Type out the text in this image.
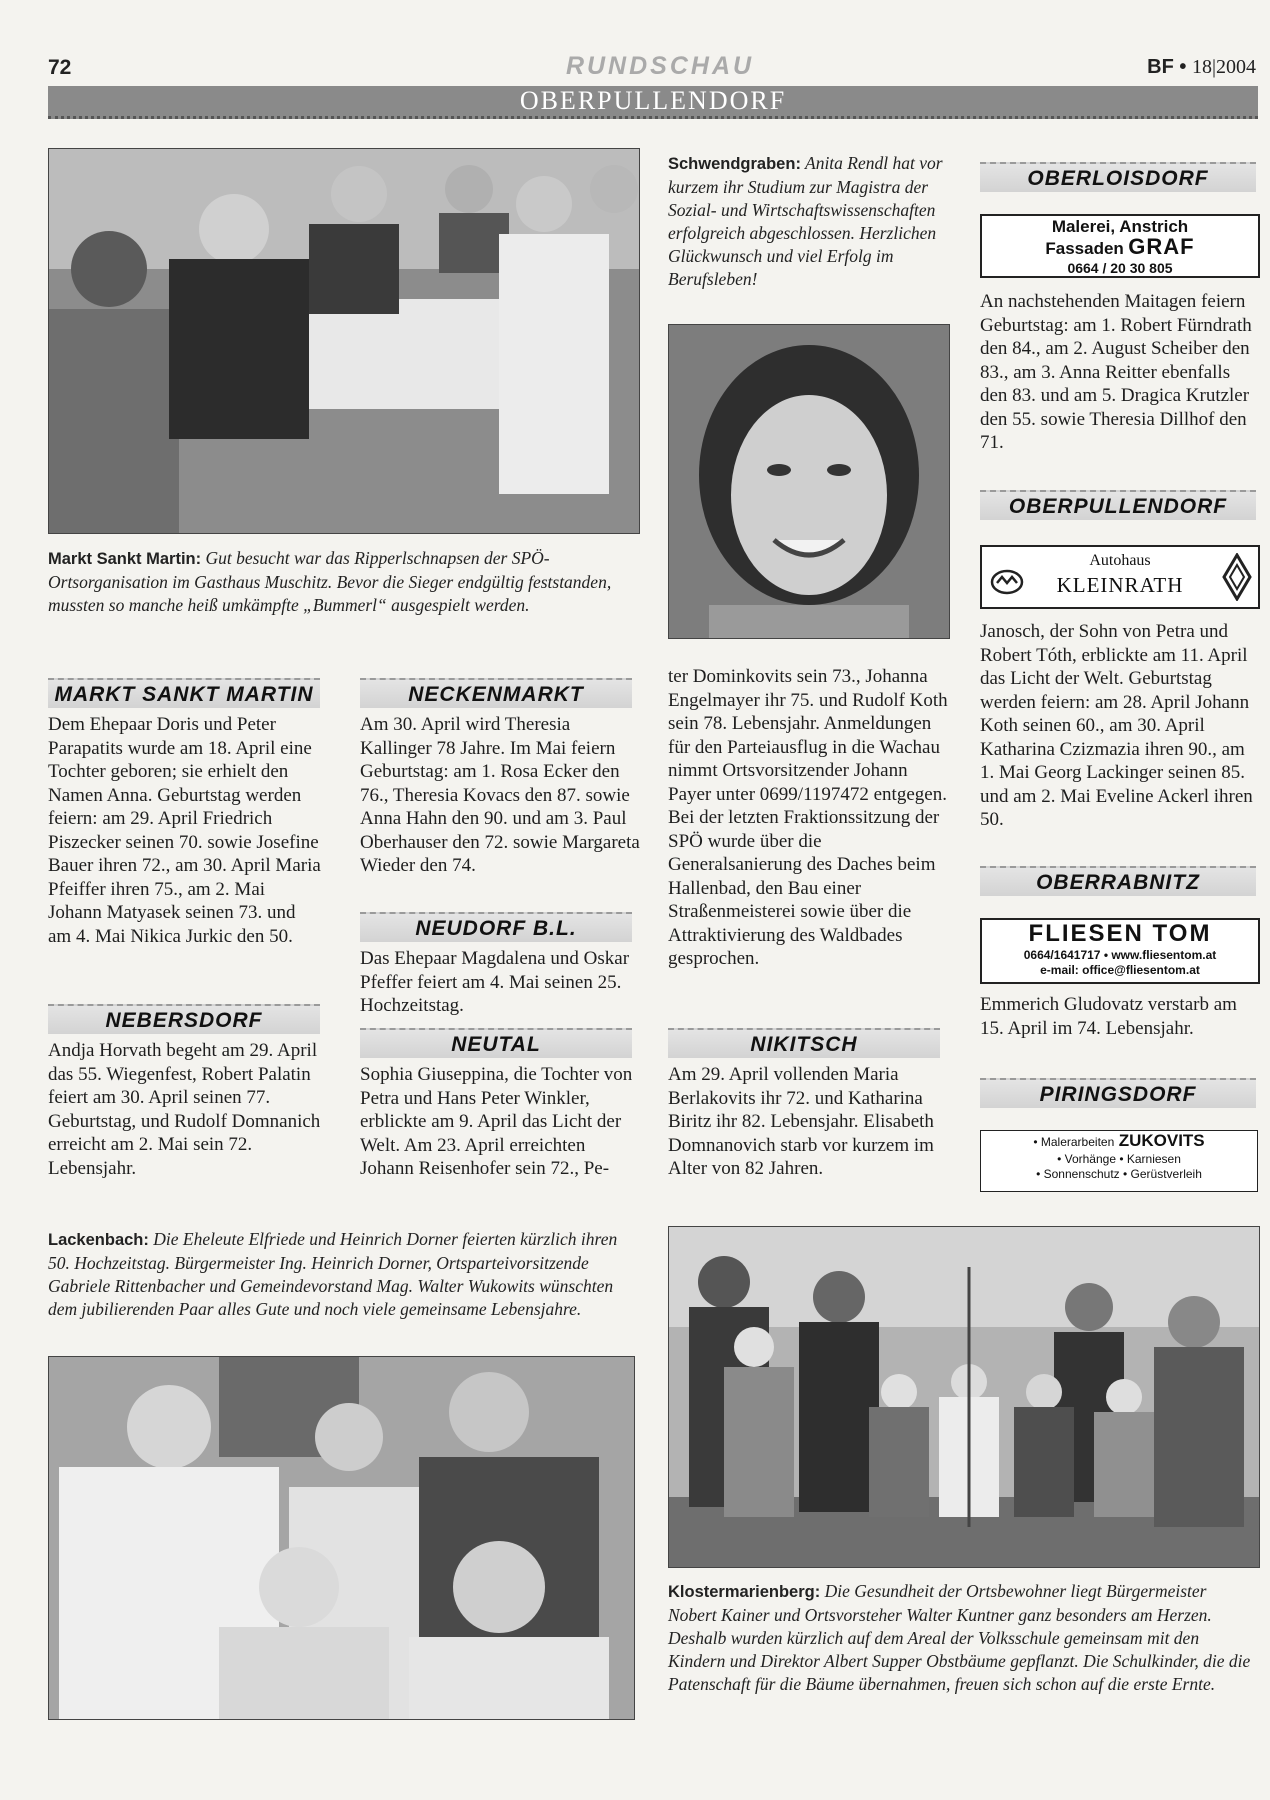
72	RUNDSCHAU	BF • 18|2004
OBERPULLENDORF
Markt Sankt Martin: Gut besucht war das Ripperlschnapsen der SPÖ-Ortsorganisation im Gasthaus Muschitz. Bevor die Sieger endgültig feststanden, mussten so manche heiß umkämpfte „Bummerl“ ausgespielt werden.
Schwendgraben: Anita Rendl hat vor kurzem ihr Studium zur Magistra der Sozial- und Wirtschaftswissenschaften erfolgreich abgeschlossen. Herzlichen Glückwunsch und viel Erfolg im Berufsleben!
MARKT SANKT MARTIN
Dem Ehepaar Doris und Peter Parapatits wurde am 18. April eine Tochter geboren; sie erhielt den Namen Anna. Geburtstag werden feiern: am 29. April Friedrich Piszecker seinen 70. sowie Josefine Bauer ihren 72., am 30. April Maria Pfeiffer ihren 75., am 2. Mai Johann Matyasek seinen 73. und am 4. Mai Nikica Jurkic den 50.
NEBERSDORF
Andja Horvath begeht am 29. April das 55. Wiegenfest, Robert Palatin feiert am 30. April seinen 77. Geburtstag, und Rudolf Domnanich erreicht am 2. Mai sein 72. Lebensjahr.
NECKENMARKT
Am 30. April wird Theresia Kallinger 78 Jahre. Im Mai feiern Geburtstag: am 1. Rosa Ecker den 76., Theresia Kovacs den 87. sowie Anna Hahn den 90. und am 3. Paul Oberhauser den 72. sowie Margareta Wieder den 74.
NEUDORF B.L.
Das Ehepaar Magdalena und Oskar Pfeffer feiert am 4. Mai seinen 25. Hochzeitstag.
NEUTAL
Sophia Giuseppina, die Tochter von Petra und Hans Peter Winkler, erblickte am 9. April das Licht der Welt. Am 23. April erreichten Johann Reisenhofer sein 72., Pe-
ter Dominkovits sein 73., Johanna Engelmayer ihr 75. und Rudolf Koth sein 78. Lebensjahr. Anmeldungen für den Parteiausflug in die Wachau nimmt Ortsvorsitzender Johann Payer unter 0699/1197472 entgegen. Bei der letzten Fraktionssitzung der SPÖ wurde über die Generalsanierung des Daches beim Hallenbad, den Bau einer Straßenmeisterei sowie über die Attraktivierung des Waldbades gesprochen.
NIKITSCH
Am 29. April vollenden Maria Berlakovits ihr 72. und Katharina Biritz ihr 82. Lebensjahr. Elisabeth Domnanovich starb vor kurzem im Alter von 82 Jahren.
OBERLOISDORF
Malerei, Anstrich
Fassaden GRAF
0664 / 20 30 805
An nachstehenden Maitagen feiern Geburtstag: am 1. Robert Fürndrath den 84., am 2. August Scheiber den 83., am 3. Anna Reitter ebenfalls den 83. und am 5. Dragica Krutzler den 55. sowie Theresia Dillhof den 71.
OBERPULLENDORF
Autohaus
KLEINRATH
Janosch, der Sohn von Petra und Robert Tóth, erblickte am 11. April das Licht der Welt. Geburtstag werden feiern: am 28. April Johann Koth seinen 60., am 30. April Katharina Czizmazia ihren 90., am 1. Mai Georg Lackinger seinen 85. und am 2. Mai Eveline Ackerl ihren 50.
OBERRABNITZ
FLIESEN TOM
0664/1641717 • www.fliesentom.at
e-mail: office@fliesentom.at
Emmerich Gludovatz verstarb am 15. April im 74. Lebensjahr.
PIRINGSDORF
• Malerarbeiten ZUKOVITS
• Vorhänge • Karniesen
• Sonnenschutz • Gerüstverleih
Lackenbach: Die Eheleute Elfriede und Heinrich Dorner feierten kürzlich ihren 50. Hochzeitstag. Bürgermeister Ing. Heinrich Dorner, Ortsparteivorsitzende Gabriele Rittenbacher und Gemeindevorstand Mag. Walter Wukowits wünschten dem jubilierenden Paar alles Gute und noch viele gemeinsame Lebensjahre.
Klostermarienberg: Die Gesundheit der Ortsbewohner liegt Bürgermeister Nobert Kainer und Ortsvorsteher Walter Kuntner ganz besonders am Herzen. Deshalb wurden kürzlich auf dem Areal der Volksschule gemeinsam mit den Kindern und Direktor Albert Supper Obstbäume gepflanzt. Die Schulkinder, die die Patenschaft für die Bäume übernahmen, freuen sich schon auf die erste Ernte.
